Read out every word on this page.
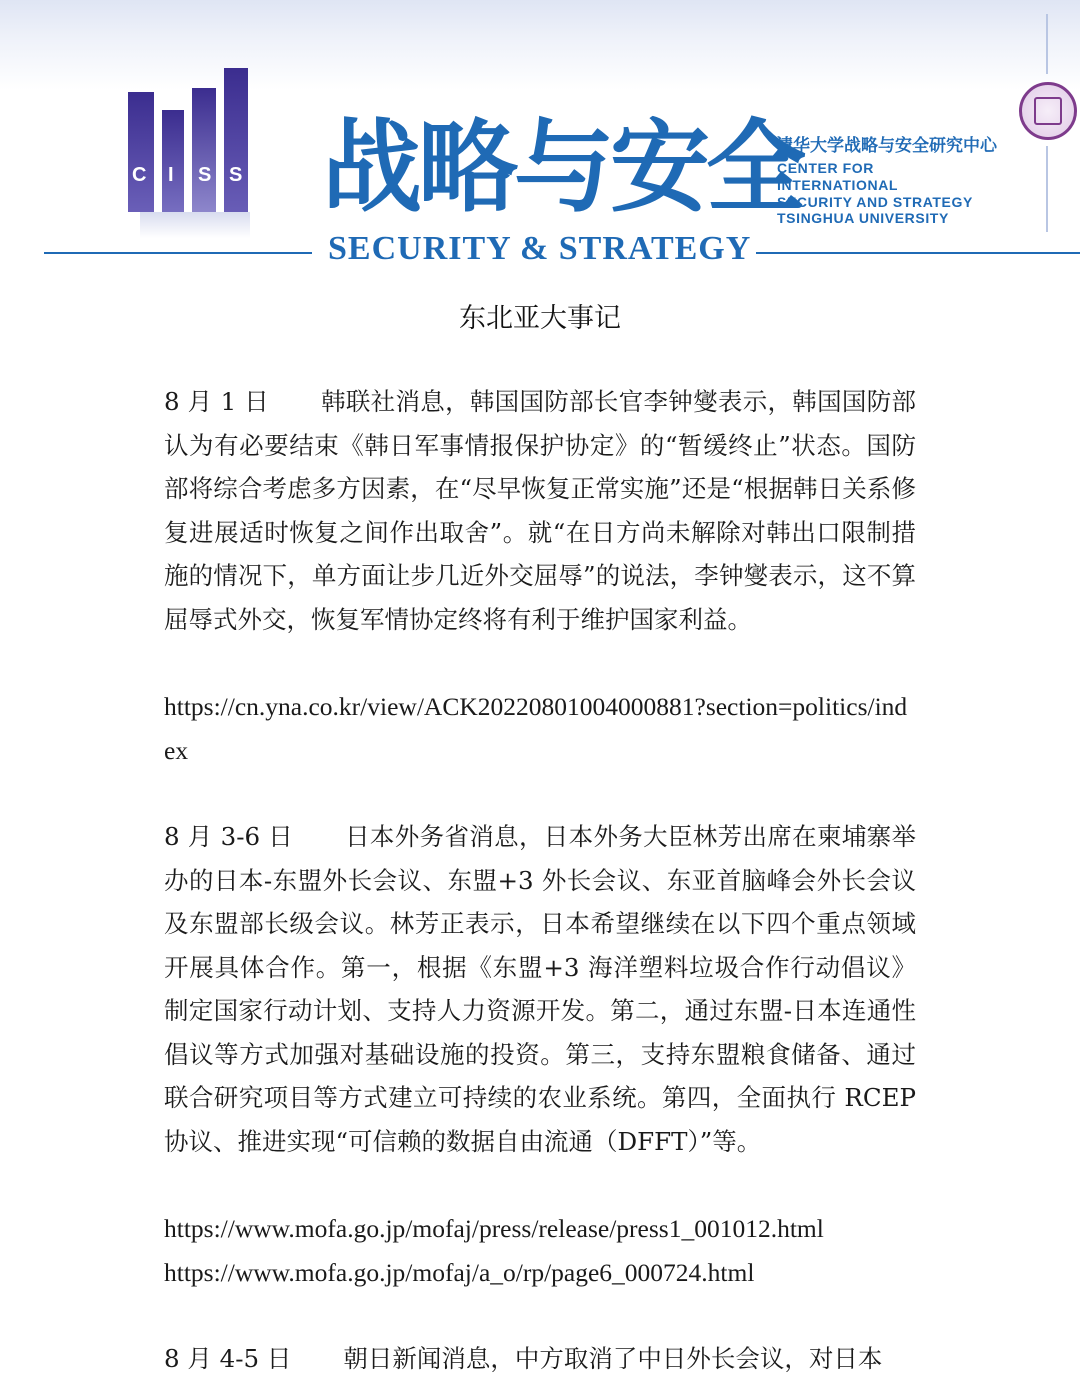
C I S S 战略与安全
SECURITY & STRATEGY
清华大学战略与安全研究中心
CENTER FOR
INTERNATIONAL
SECURITY AND STRATEGY
TSINGHUA UNIVERSITY
东北亚大事记
8 月 1 日 韩联社消息，韩国国防部长官李钟燮表示，韩国国防部认为有必要结束《韩日军事情报保护协定》的“暂缓终止”状态。国防部将综合考虑多方因素，在“尽早恢复正常实施”还是“根据韩日关系修复进展适时恢复之间作出取舍”。就“在日方尚未解除对韩出口限制措施的情况下，单方面让步几近外交屈辱”的说法，李钟燮表示，这不算屈辱式外交，恢复军情协定终将有利于维护国家利益。
https://cn.yna.co.kr/view/ACK20220801004000881?section=politics/index
8 月 3-6 日 日本外务省消息，日本外务大臣林芳出席在柬埔寨举办的日本-东盟外长会议、东盟+3 外长会议、东亚首脑峰会外长会议及东盟部长级会议。林芳正表示，日本希望继续在以下四个重点领域开展具体合作。第一，根据《东盟+3 海洋塑料垃圾合作行动倡议》制定国家行动计划、支持人力资源开发。第二，通过东盟-日本连通性倡议等方式加强对基础设施的投资。第三，支持东盟粮食储备、通过联合研究项目等方式建立可持续的农业系统。第四，全面执行 RCEP 协议、推进实现“可信赖的数据自由流通（DFFT）”等。
https://www.mofa.go.jp/mofaj/press/release/press1_001012.html
https://www.mofa.go.jp/mofaj/a_o/rp/page6_000724.html
8 月 4-5 日 朝日新闻消息，中方取消了中日外长会议，对日本
